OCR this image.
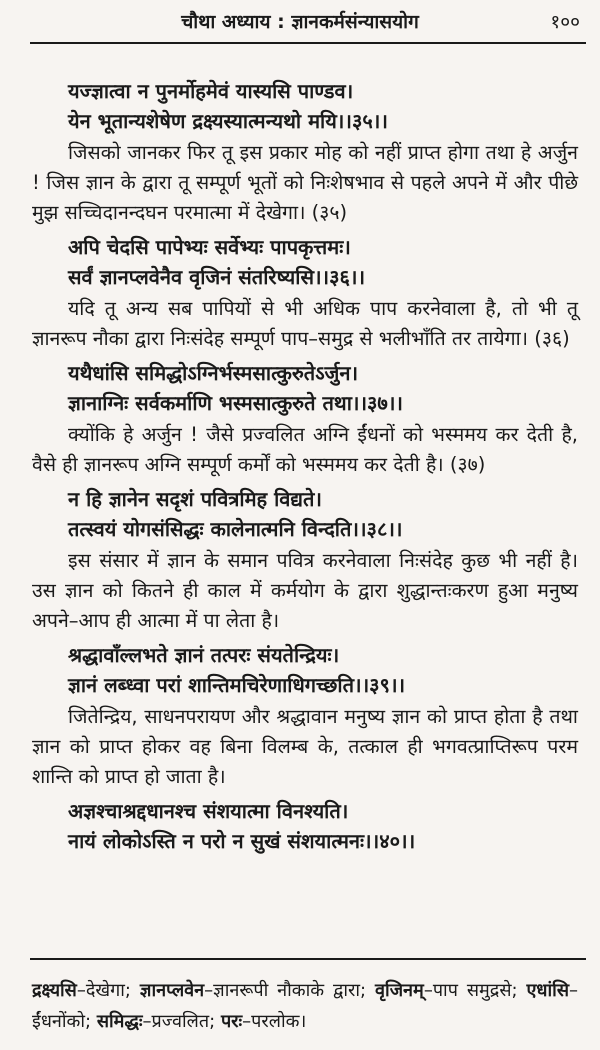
चौथा अध्याय : ज्ञानकर्मसंन्यासयोग	१००
यज्ज्ञात्वा न पुनर्मोहमेवं यास्यसि पाण्डव।
येन भूतान्यशेषेण द्रक्ष्यस्यात्मन्यथो मयि।।३५।।
जिसको जानकर फिर तू इस प्रकार मोह को नहीं प्राप्त होगा तथा हे अर्जुन ! जिस ज्ञान के द्वारा तू सम्पूर्ण भूतों को निःशेषभाव से पहले अपने में और पीछे मुझ सच्चिदानन्दघन परमात्मा में देखेगा। (३५)
अपि चेदसि पापेभ्यः सर्वेभ्यः पापकृत्तमः।
सर्वं ज्ञानप्लवेनैव वृजिनं संतरिष्यसि।।३६।।
यदि तू अन्य सब पापियों से भी अधिक पाप करनेवाला है, तो भी तू ज्ञानरूप नौका द्वारा निःसंदेह सम्पूर्ण पाप–समुद्र से भलीभाँति तर तायेगा। (३६)
यथैधांसि समिद्धोऽग्निर्भस्मसात्कुरुतेऽर्जुन।
ज्ञानाग्निः सर्वकर्माणि भस्मसात्कुरुते तथा।।३७।।
क्योंकि हे अर्जुन ! जैसे प्रज्वलित अग्नि ईंधनों को भस्ममय कर देती है, वैसे ही ज्ञानरूप अग्नि सम्पूर्ण कर्मों को भस्ममय कर देती है। (३७)
न हि ज्ञानेन सदृशं पवित्रमिह विद्यते।
तत्स्वयं योगसंसिद्धः कालेनात्मनि विन्दति।।३८।।
इस संसार में ज्ञान के समान पवित्र करनेवाला निःसंदेह कुछ भी नहीं है। उस ज्ञान को कितने ही काल में कर्मयोग के द्वारा शुद्धान्तःकरण हुआ मनुष्य अपने–आप ही आत्मा में पा लेता है।
श्रद्धावाँल्लभते ज्ञानं तत्परः संयतेन्द्रियः।
ज्ञानं लब्ध्वा परां शान्तिमचिरेणाधिगच्छति।।३९।।
जितेन्द्रिय, साधनपरायण और श्रद्धावान मनुष्य ज्ञान को प्राप्त होता है तथा ज्ञान को प्राप्त होकर वह बिना विलम्ब के, तत्काल ही भगवत्प्राप्तिरूप परम शान्ति को प्राप्त हो जाता है।
अज्ञश्चाश्रद्दधानश्च संशयात्मा विनश्यति।
नायं लोकोऽस्ति न परो न सुखं संशयात्मनः।।४०।।
द्रक्ष्यसि–देखेगा; ज्ञानप्लवेन–ज्ञानरूपी नौकाके द्वारा; वृजिनम्–पाप समुद्रसे; एधांसि–ईंधनोंको; समिद्धः–प्रज्वलित; परः–परलोक।
